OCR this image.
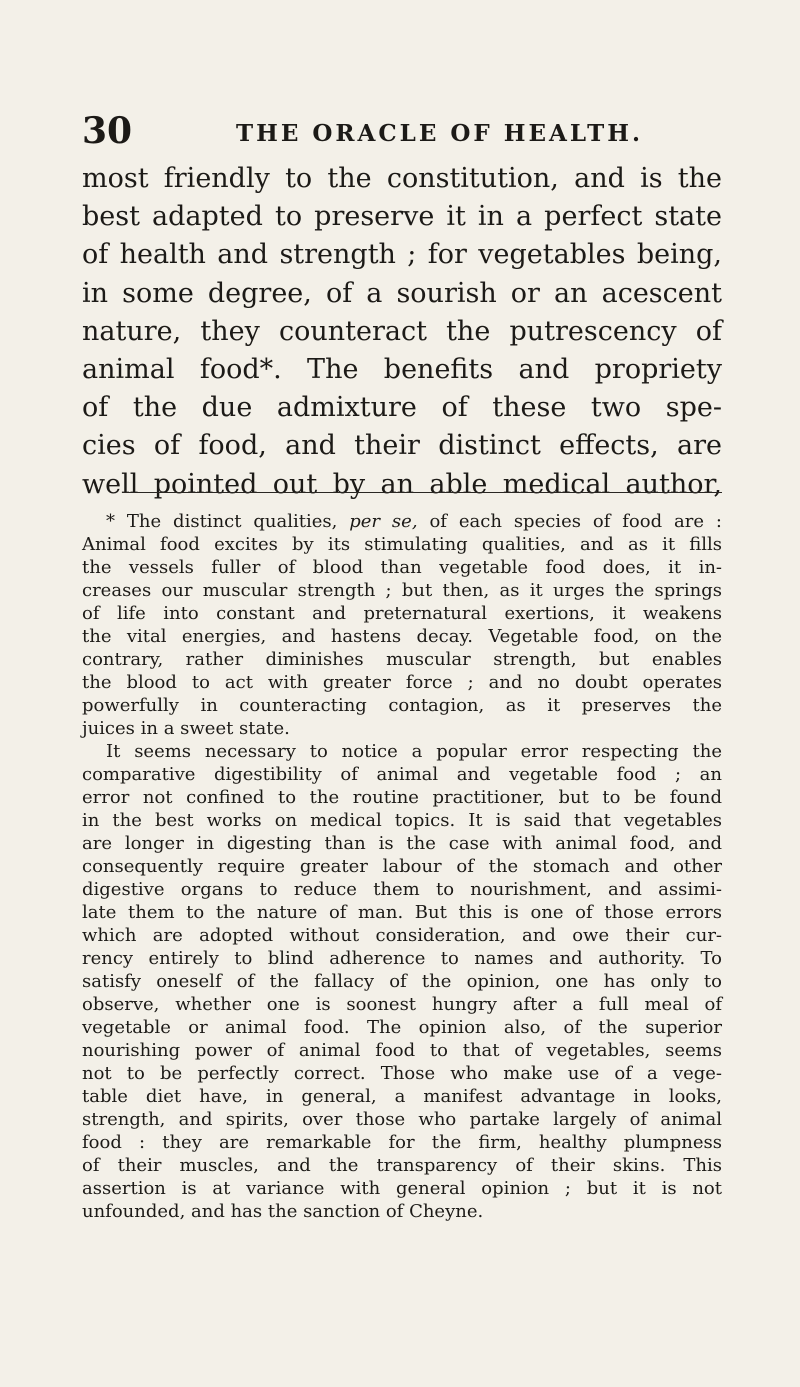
30	THE ORACLE OF HEALTH.
most friendly to the constitution, and is the
best adapted to preserve it in a perfect state
of health and strength ; for vegetables being,
in some degree, of a sourish or an acescent
nature, they counteract the putrescency of
animal food*. The benefits and propriety
of the due admixture of these two spe-
cies of food, and their distinct effects, are
well pointed out by an able medical author,
* The distinct qualities, per se, of each species of food are :
Animal food excites by its stimulating qualities, and as it fills
the vessels fuller of blood than vegetable food does, it in-
creases our muscular strength ; but then, as it urges the springs
of life into constant and preternatural exertions, it weakens
the vital energies, and hastens decay. Vegetable food, on the
contrary, rather diminishes muscular strength, but enables
the blood to act with greater force ; and no doubt operates
powerfully in counteracting contagion, as it preserves the
juices in a sweet state.
It seems necessary to notice a popular error respecting the
comparative digestibility of animal and vegetable food ; an
error not confined to the routine practitioner, but to be found
in the best works on medical topics. It is said that vegetables
are longer in digesting than is the case with animal food, and
consequently require greater labour of the stomach and other
digestive organs to reduce them to nourishment, and assimi-
late them to the nature of man. But this is one of those errors
which are adopted without consideration, and owe their cur-
rency entirely to blind adherence to names and authority. To
satisfy oneself of the fallacy of the opinion, one has only to
observe, whether one is soonest hungry after a full meal of
vegetable or animal food. The opinion also, of the superior
nourishing power of animal food to that of vegetables, seems
not to be perfectly correct. Those who make use of a vege-
table diet have, in general, a manifest advantage in looks,
strength, and spirits, over those who partake largely of animal
food : they are remarkable for the firm, healthy plumpness
of their muscles, and the transparency of their skins. This
assertion is at variance with general opinion ; but it is not
unfounded, and has the sanction of Cheyne.
